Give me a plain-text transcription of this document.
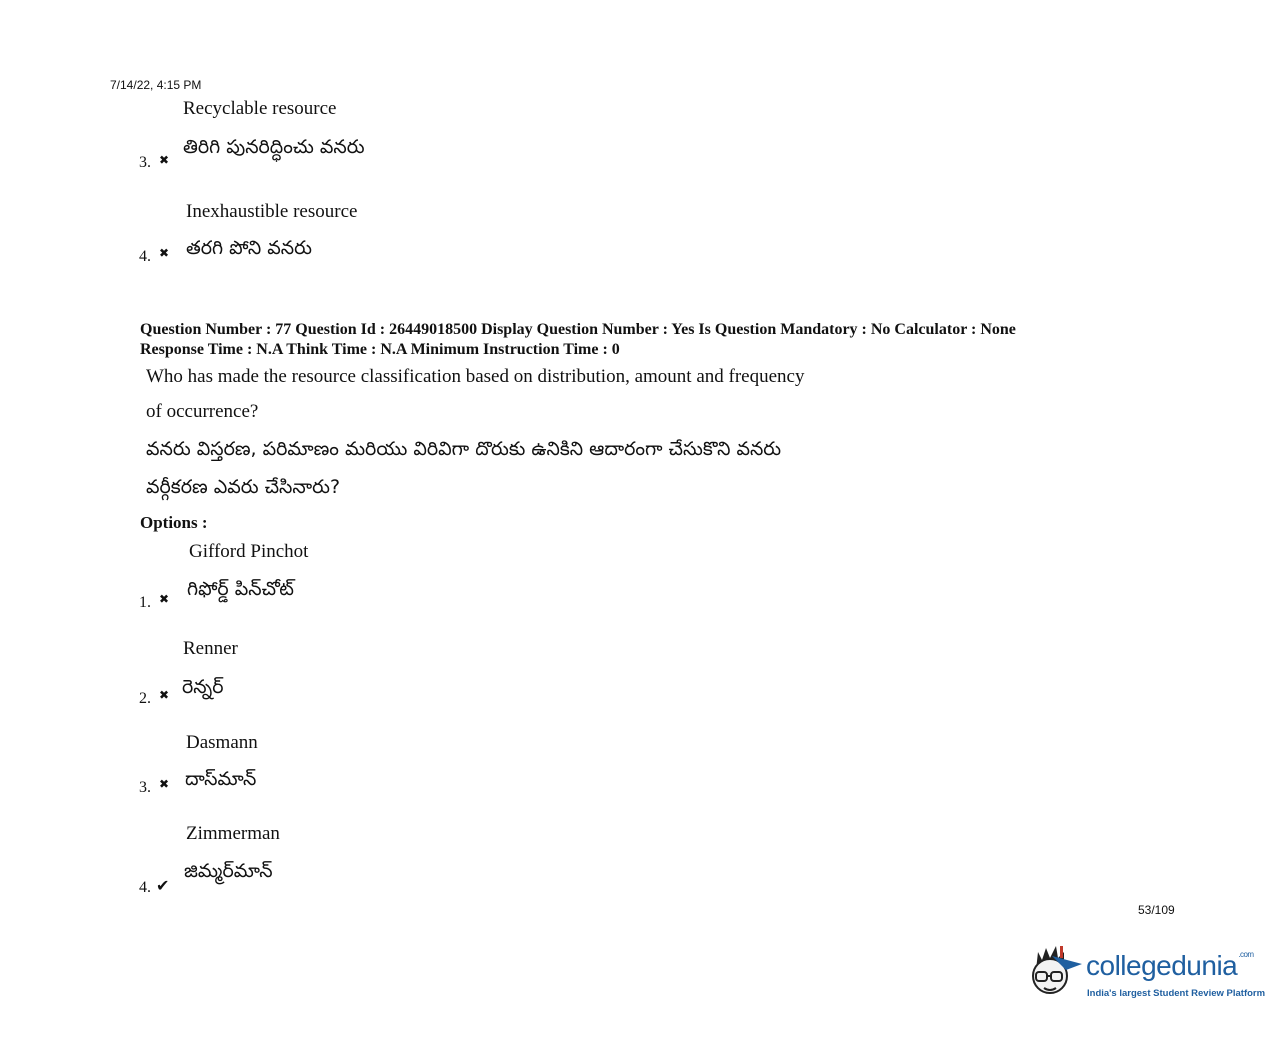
7/14/22, 4:15 PM
Recyclable resource
తిరిగి పునరిద్ధించు వనరు
3. ✖
Inexhaustible resource
తరగి పోని వనరు
4. ✖
Question Number : 77 Question Id : 26449018500 Display Question Number : Yes Is Question Mandatory : No Calculator : None
Response Time : N.A Think Time : N.A Minimum Instruction Time : 0
Who has made the resource classification based on distribution, amount and frequency
of occurrence?
వనరు విస్తరణ, పరిమాణం మరియు విరివిగా దొరుకు ఉనికిని ఆదారంగా చేసుకొని వనరు
వర్గీకరణ ఎవరు చేసినారు?
Options :
Gifford Pinchot
గిఫోర్డ్ పిన్‌చోట్
1. ✖
Renner
రెన్నర్
2. ✖
Dasmann
దాస్‌మాన్
3. ✖
Zimmerman
జిమ్మర్‌మాన్
4. ✔
53/109
collegedunia$^{.com}$
India's largest Student Review Platform
